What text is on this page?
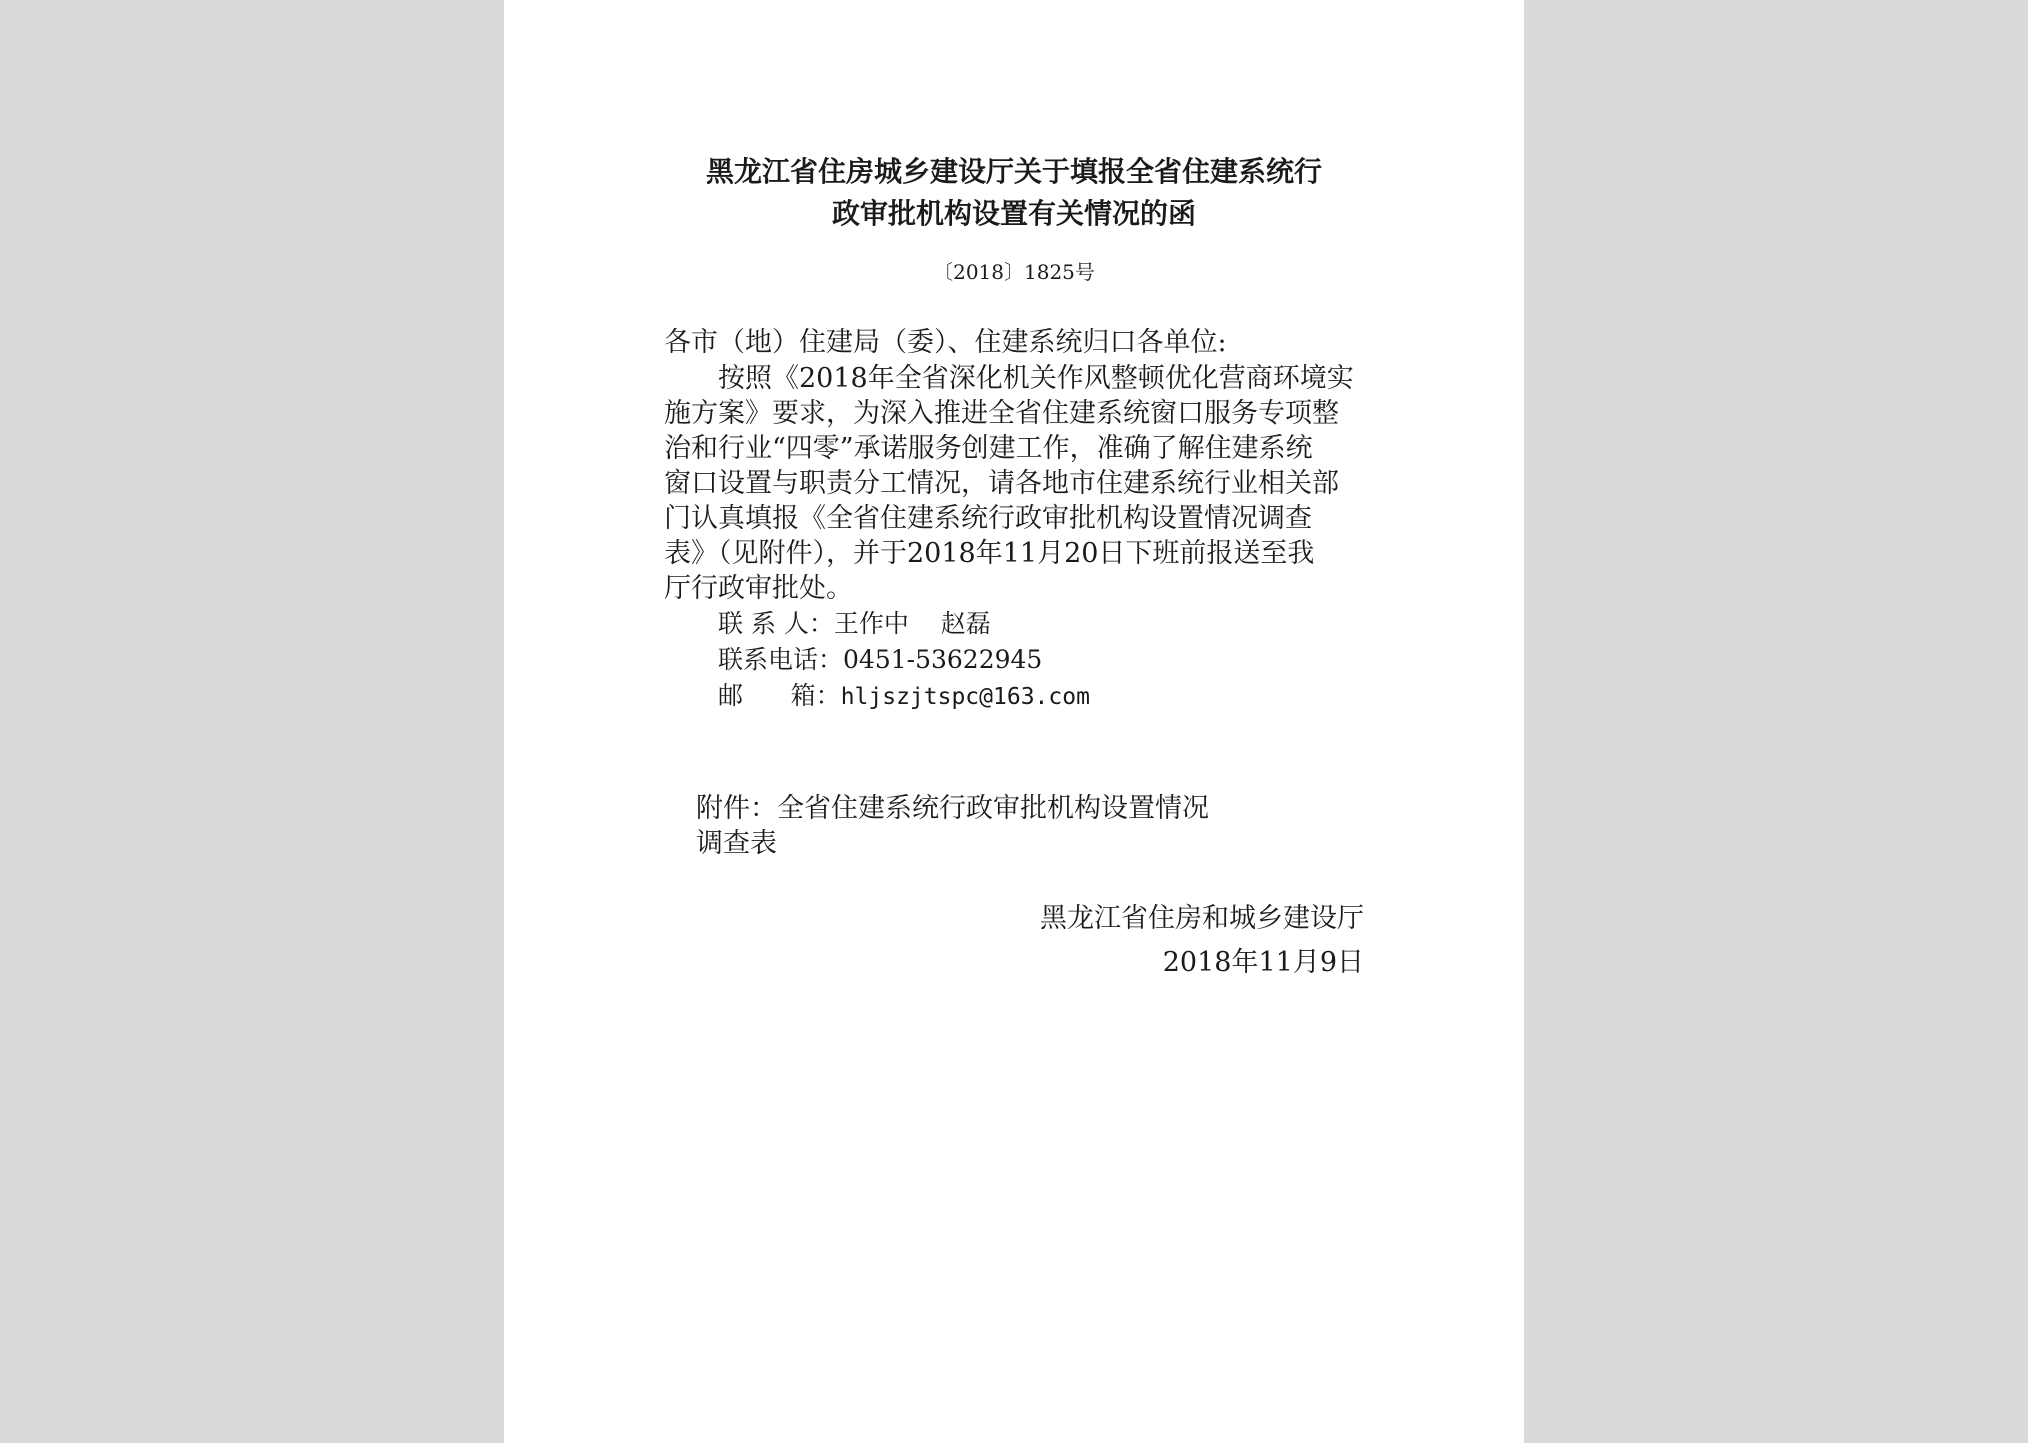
黑龙江省住房城乡建设厅关于填报全省住建系统行
政审批机构设置有关情况的函
〔2018〕1825号
各市（地）住建局（委）、住建系统归口各单位:
按照《2018年全省深化机关作风整顿优化营商环境实
施方案》要求，为深入推进全省住建系统窗口服务专项整
治和行业“四零”承诺服务创建工作，准确了解住建系统
窗口设置与职责分工情况，请各地市住建系统行业相关部
门认真填报《全省住建系统行政审批机构设置情况调查
表》（见附件），并于2018年11月20日下班前报送至我
厅行政审批处。
联 系 人：王作中    赵磊
联系电话：0451-53622945
邮      箱：hljszjtspc@163.com
附件：全省住建系统行政审批机构设置情况
调查表
黑龙江省住房和城乡建设厅
2018年11月9日
